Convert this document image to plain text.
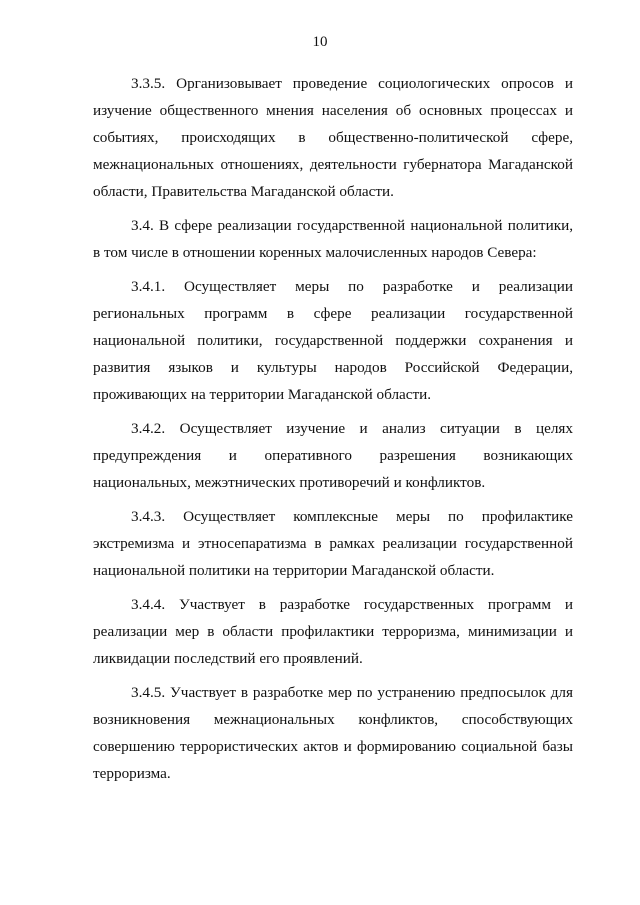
10

3.3.5. Организовывает проведение социологических опросов и изучение общественного мнения населения об основных процессах и событиях, происходящих в общественно-политической сфере, межнациональных отношениях, деятельности губернатора Магаданской области, Правительства Магаданской области.

3.4. В сфере реализации государственной национальной политики, в том числе в отношении коренных малочисленных народов Севера:

3.4.1. Осуществляет меры по разработке и реализации региональных программ в сфере реализации государственной национальной политики, государственной поддержки сохранения и развития языков и культуры народов Российской Федерации, проживающих на территории Магаданской области.

3.4.2. Осуществляет изучение и анализ ситуации в целях предупреждения и оперативного разрешения возникающих национальных, межэтнических противоречий и конфликтов.

3.4.3. Осуществляет комплексные меры по профилактике экстремизма и этносепаратизма в рамках реализации государственной национальной политики на территории Магаданской области.

3.4.4. Участвует в разработке государственных программ и реализации мер в области профилактики терроризма, минимизации и ликвидации последствий его проявлений.

3.4.5. Участвует в разработке мер по устранению предпосылок для возникновения межнациональных конфликтов, способствующих совершению террористических актов и формированию социальной базы терроризма.
